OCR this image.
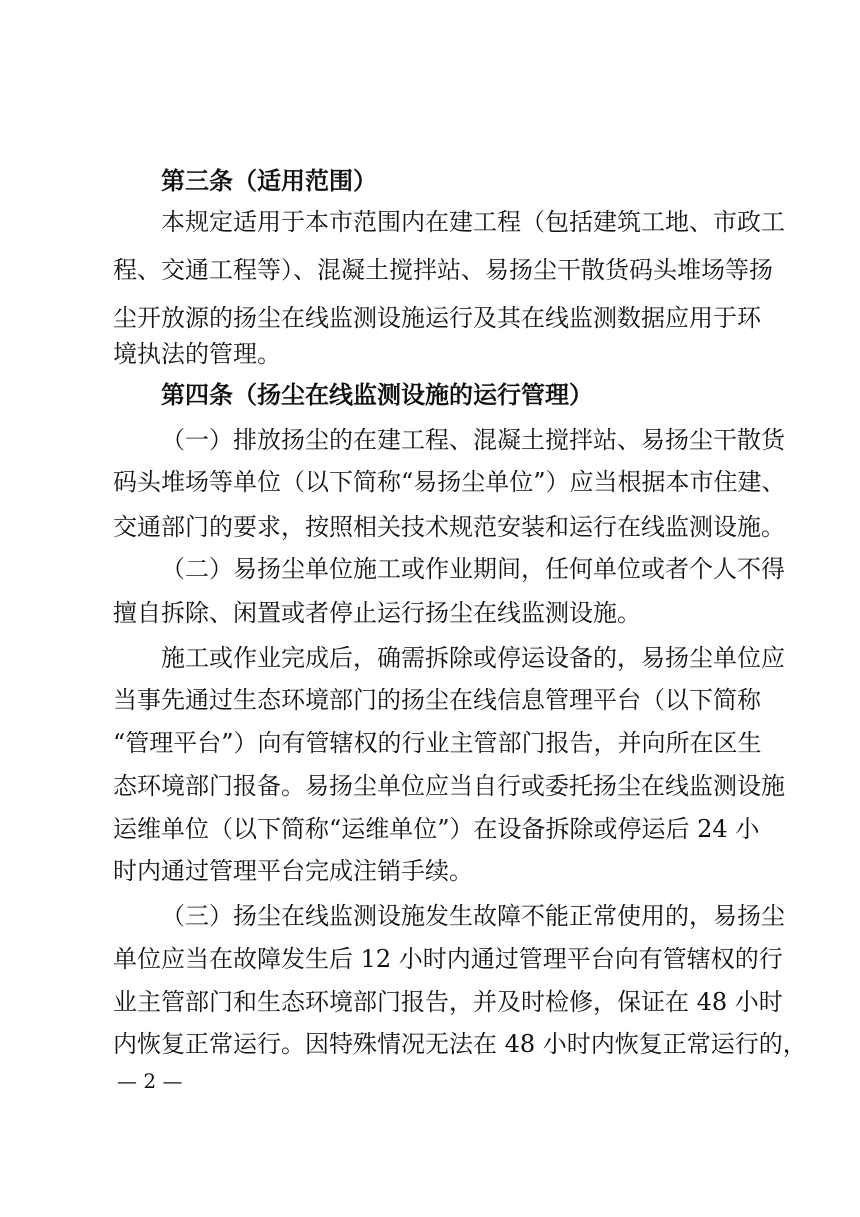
第三条（适用范围）
本规定适用于本市范围内在建工程（包括建筑工地、市政工
程、交通工程等）、混凝土搅拌站、易扬尘干散货码头堆场等扬
尘开放源的扬尘在线监测设施运行及其在线监测数据应用于环
境执法的管理。
第四条（扬尘在线监测设施的运行管理）
（一）排放扬尘的在建工程、混凝土搅拌站、易扬尘干散货
码头堆场等单位（以下简称“易扬尘单位”）应当根据本市住建、
交通部门的要求，按照相关技术规范安装和运行在线监测设施。
（二）易扬尘单位施工或作业期间，任何单位或者个人不得
擅自拆除、闲置或者停止运行扬尘在线监测设施。
施工或作业完成后，确需拆除或停运设备的，易扬尘单位应
当事先通过生态环境部门的扬尘在线信息管理平台（以下简称
“管理平台”）向有管辖权的行业主管部门报告，并向所在区生
态环境部门报备。易扬尘单位应当自行或委托扬尘在线监测设施
运维单位（以下简称“运维单位”）在设备拆除或停运后 24 小
时内通过管理平台完成注销手续。
（三）扬尘在线监测设施发生故障不能正常使用的，易扬尘
单位应当在故障发生后 12 小时内通过管理平台向有管辖权的行
业主管部门和生态环境部门报告，并及时检修，保证在 48 小时
内恢复正常运行。因特殊情况无法在 48 小时内恢复正常运行的，
— 2 —
